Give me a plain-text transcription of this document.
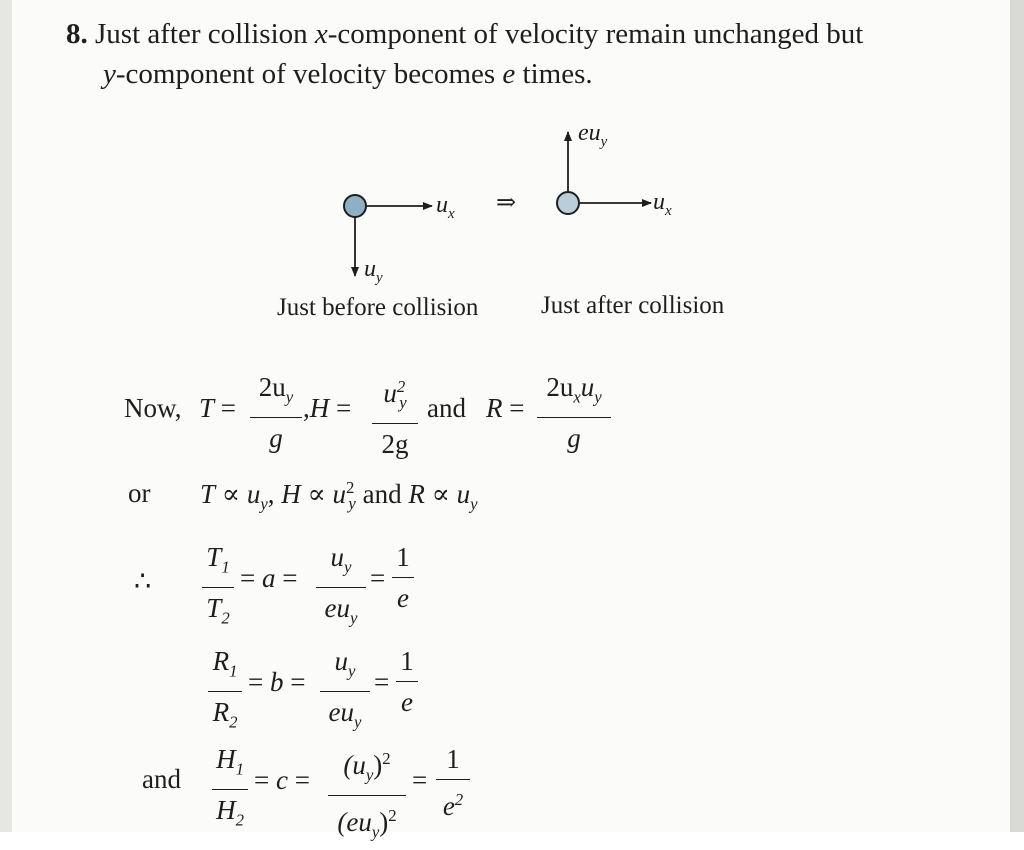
8. Just after collision x-component of velocity remain unchanged but
y-component of velocity becomes e times.
$u_x$
$u_y$
⇒	$u_x$
$eu_y$
Just before collision	Just after collision
Now, T =
$2u_y$
g
,H =	$u^2_y$
2g
and R =
$2u_xu_y$
g
or $T \propto u_y$, $H \propto u^2_y$ and $R \propto u_y$
∴
$T_1$
$T_2$
= a =
$u_y$
$eu_y$
=
1
e
$R_1$
$R_2$
= b =
$u_y$
$eu_y$
=
1
e
and
$H_1$
$H_2$
= c =	$(u_y)^2$
$(eu_y)^2$
=
1
$e^2$
